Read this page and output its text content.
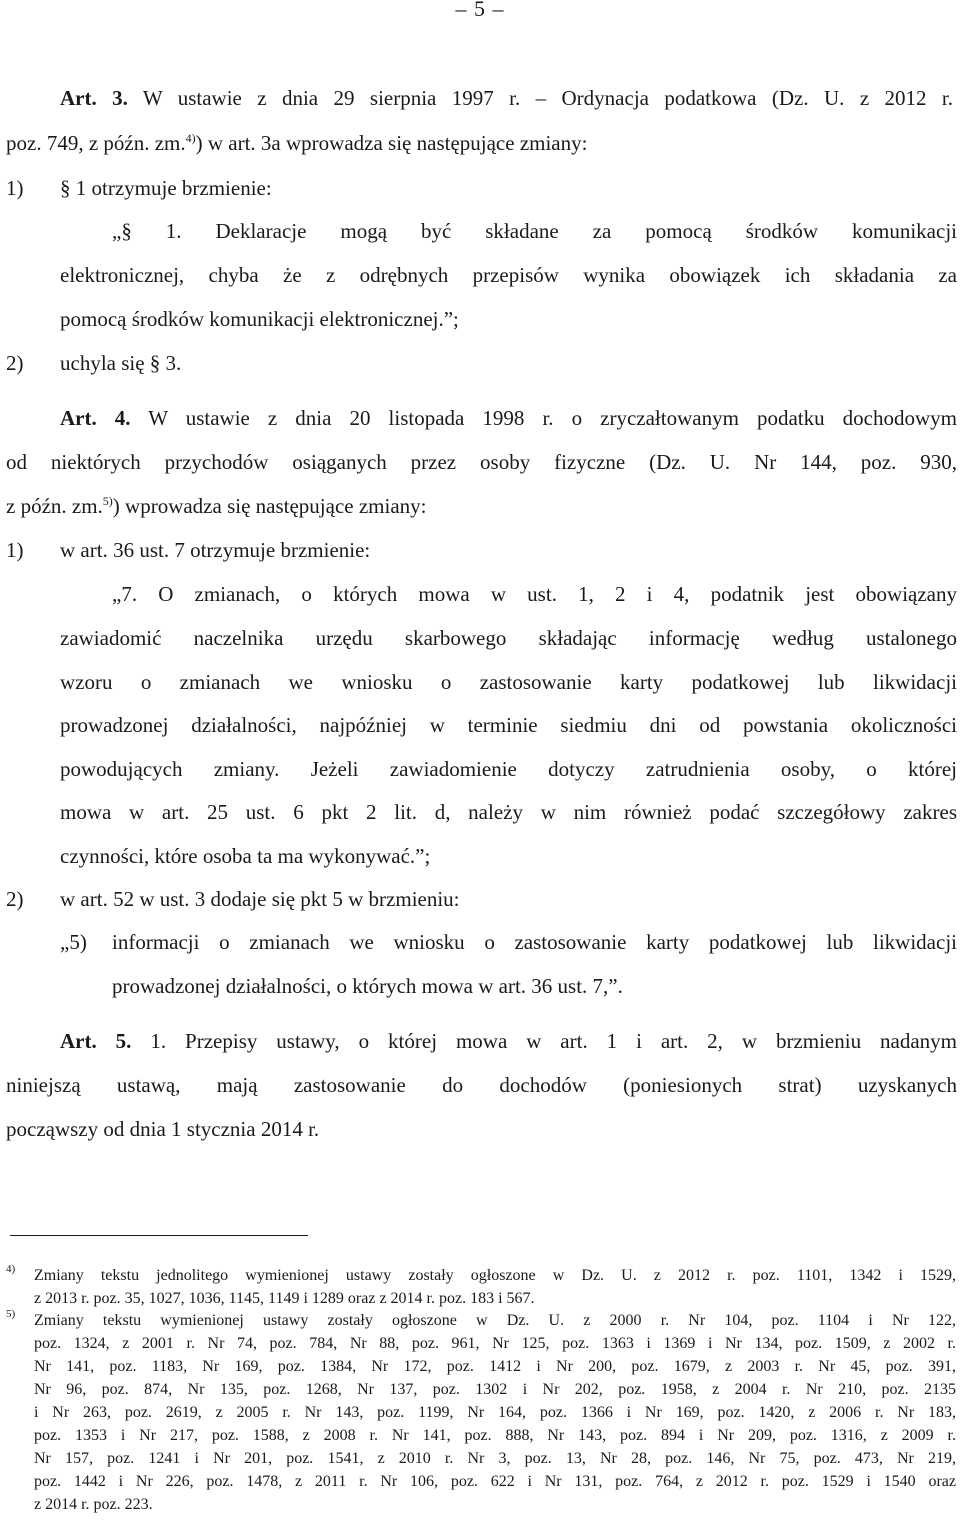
– 5 –
Art. 3. W ustawie z dnia 29 sierpnia 1997 r. – Ordynacja podatkowa (Dz. U. z 2012 r.
poz. 749, z późn. zm.$^{4)}$) w art. 3a wprowadza się następujące zmiany:
1) § 1 otrzymuje brzmienie:
„§ 1. Deklaracje mogą być składane za pomocą środków komunikacji
elektronicznej, chyba że z odrębnych przepisów wynika obowiązek ich składania za
pomocą środków komunikacji elektronicznej.”;
2) uchyla się § 3.
Art. 4. W ustawie z dnia 20 listopada 1998 r. o zryczałtowanym podatku dochodowym
od niektórych przychodów osiąganych przez osoby fizyczne (Dz. U. Nr 144, poz. 930,
z późn. zm.$^{5)}$) wprowadza się następujące zmiany:
1) w art. 36 ust. 7 otrzymuje brzmienie:
„7. O zmianach, o których mowa w ust. 1, 2 i 4, podatnik jest obowiązany
zawiadomić naczelnika urzędu skarbowego składając informację według ustalonego
wzoru o zmianach we wniosku o zastosowanie karty podatkowej lub likwidacji
prowadzonej działalności, najpóźniej w terminie siedmiu dni od powstania okoliczności
powodujących zmiany. Jeżeli zawiadomienie dotyczy zatrudnienia osoby, o której
mowa w art. 25 ust. 6 pkt 2 lit. d, należy w nim również podać szczegółowy zakres
czynności, które osoba ta ma wykonywać.”;
2) w art. 52 w ust. 3 dodaje się pkt 5 w brzmieniu:
„5) informacji o zmianach we wniosku o zastosowanie karty podatkowej lub likwidacji
prowadzonej działalności, o których mowa w art. 36 ust. 7,”.
Art. 5. 1. Przepisy ustawy, o której mowa w art. 1 i art. 2, w brzmieniu nadanym
niniejszą ustawą, mają zastosowanie do dochodów (poniesionych strat) uzyskanych
począwszy od dnia 1 stycznia 2014 r.
4) Zmiany tekstu jednolitego wymienionej ustawy zostały ogłoszone w Dz. U. z 2012 r. poz. 1101, 1342 i 1529,
z 2013 r. poz. 35, 1027, 1036, 1145, 1149 i 1289 oraz z 2014 r. poz. 183 i 567.
5) Zmiany tekstu wymienionej ustawy zostały ogłoszone w Dz. U. z 2000 r. Nr 104, poz. 1104 i Nr 122,
poz. 1324, z 2001 r. Nr 74, poz. 784, Nr 88, poz. 961, Nr 125, poz. 1363 i 1369 i Nr 134, poz. 1509, z 2002 r.
Nr 141, poz. 1183, Nr 169, poz. 1384, Nr 172, poz. 1412 i Nr 200, poz. 1679, z 2003 r. Nr 45, poz. 391,
Nr 96, poz. 874, Nr 135, poz. 1268, Nr 137, poz. 1302 i Nr 202, poz. 1958, z 2004 r. Nr 210, poz. 2135
i Nr 263, poz. 2619, z 2005 r. Nr 143, poz. 1199, Nr 164, poz. 1366 i Nr 169, poz. 1420, z 2006 r. Nr 183,
poz. 1353 i Nr 217, poz. 1588, z 2008 r. Nr 141, poz. 888, Nr 143, poz. 894 i Nr 209, poz. 1316, z 2009 r.
Nr 157, poz. 1241 i Nr 201, poz. 1541, z 2010 r. Nr 3, poz. 13, Nr 28, poz. 146, Nr 75, poz. 473, Nr 219,
poz. 1442 i Nr 226, poz. 1478, z 2011 r. Nr 106, poz. 622 i Nr 131, poz. 764, z 2012 r. poz. 1529 i 1540 oraz
z 2014 r. poz. 223.
